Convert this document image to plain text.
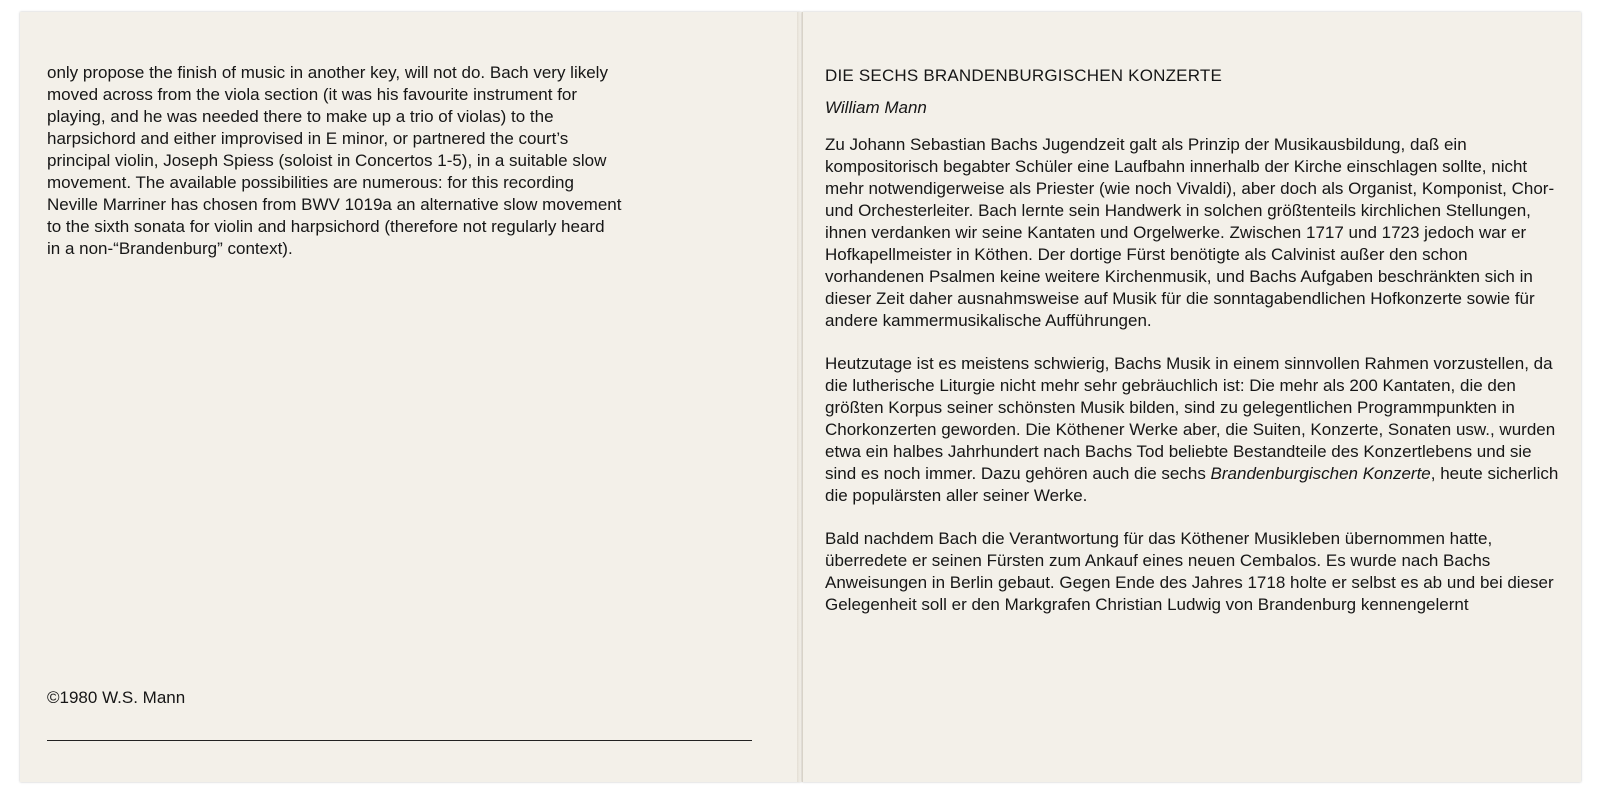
only propose the finish of music in another key, will not do. Bach very likely
moved across from the viola section (it was his favourite instrument for
playing, and he was needed there to make up a trio of violas) to the
harpsichord and either improvised in E minor, or partnered the court’s
principal violin, Joseph Spiess (soloist in Concertos 1-5), in a suitable slow
movement. The available possibilities are numerous: for this recording
Neville Marriner has chosen from BWV 1019a an alternative slow movement
to the sixth sonata for violin and harpsichord (therefore not regularly heard
in a non-“Brandenburg” context).
©1980 W.S. Mann
DIE SECHS BRANDENBURGISCHEN KONZERTE
William Mann

Zu Johann Sebastian Bachs Jugendzeit galt als Prinzip der Musikausbildung, daß ein kompositorisch begabter Schüler eine Laufbahn innerhalb der Kirche einschlagen sollte, nicht mehr notwendigerweise als Priester (wie noch Vivaldi), aber doch als Organist, Komponist, Chor- und Orchesterleiter. Bach lernte sein Handwerk in solchen größtenteils kirchlichen Stellungen, ihnen verdanken wir seine Kantaten und Orgelwerke. Zwischen 1717 und 1723 jedoch war er Hofkapellmeister in Köthen. Der dortige Fürst benötigte als Calvinist außer den schon vorhandenen Psalmen keine weitere Kirchenmusik, und Bachs Aufgaben beschränkten sich in dieser Zeit daher ausnahmsweise auf Musik für die sonntagabendlichen Hofkonzerte sowie für andere kammermusikalische Aufführungen.

Heutzutage ist es meistens schwierig, Bachs Musik in einem sinnvollen Rahmen vorzustellen, da die lutherische Liturgie nicht mehr sehr gebräuchlich ist: Die mehr als 200 Kantaten, die den größten Korpus seiner schönsten Musik bilden, sind zu gelegentlichen Programmpunkten in Chorkonzerten geworden. Die Köthener Werke aber, die Suiten, Konzerte, Sonaten usw., wurden etwa ein halbes Jahrhundert nach Bachs Tod beliebte Bestandteile des Konzertlebens und sie sind es noch immer. Dazu gehören auch die sechs Brandenburgischen Konzerte, heute sicherlich die populärsten aller seiner Werke.

Bald nachdem Bach die Verantwortung für das Köthener Musikleben übernommen hatte, überredete er seinen Fürsten zum Ankauf eines neuen Cembalos. Es wurde nach Bachs Anweisungen in Berlin gebaut. Gegen Ende des Jahres 1718 holte er selbst es ab und bei dieser Gelegenheit soll er den Markgrafen Christian Ludwig von Brandenburg kennengelernt
